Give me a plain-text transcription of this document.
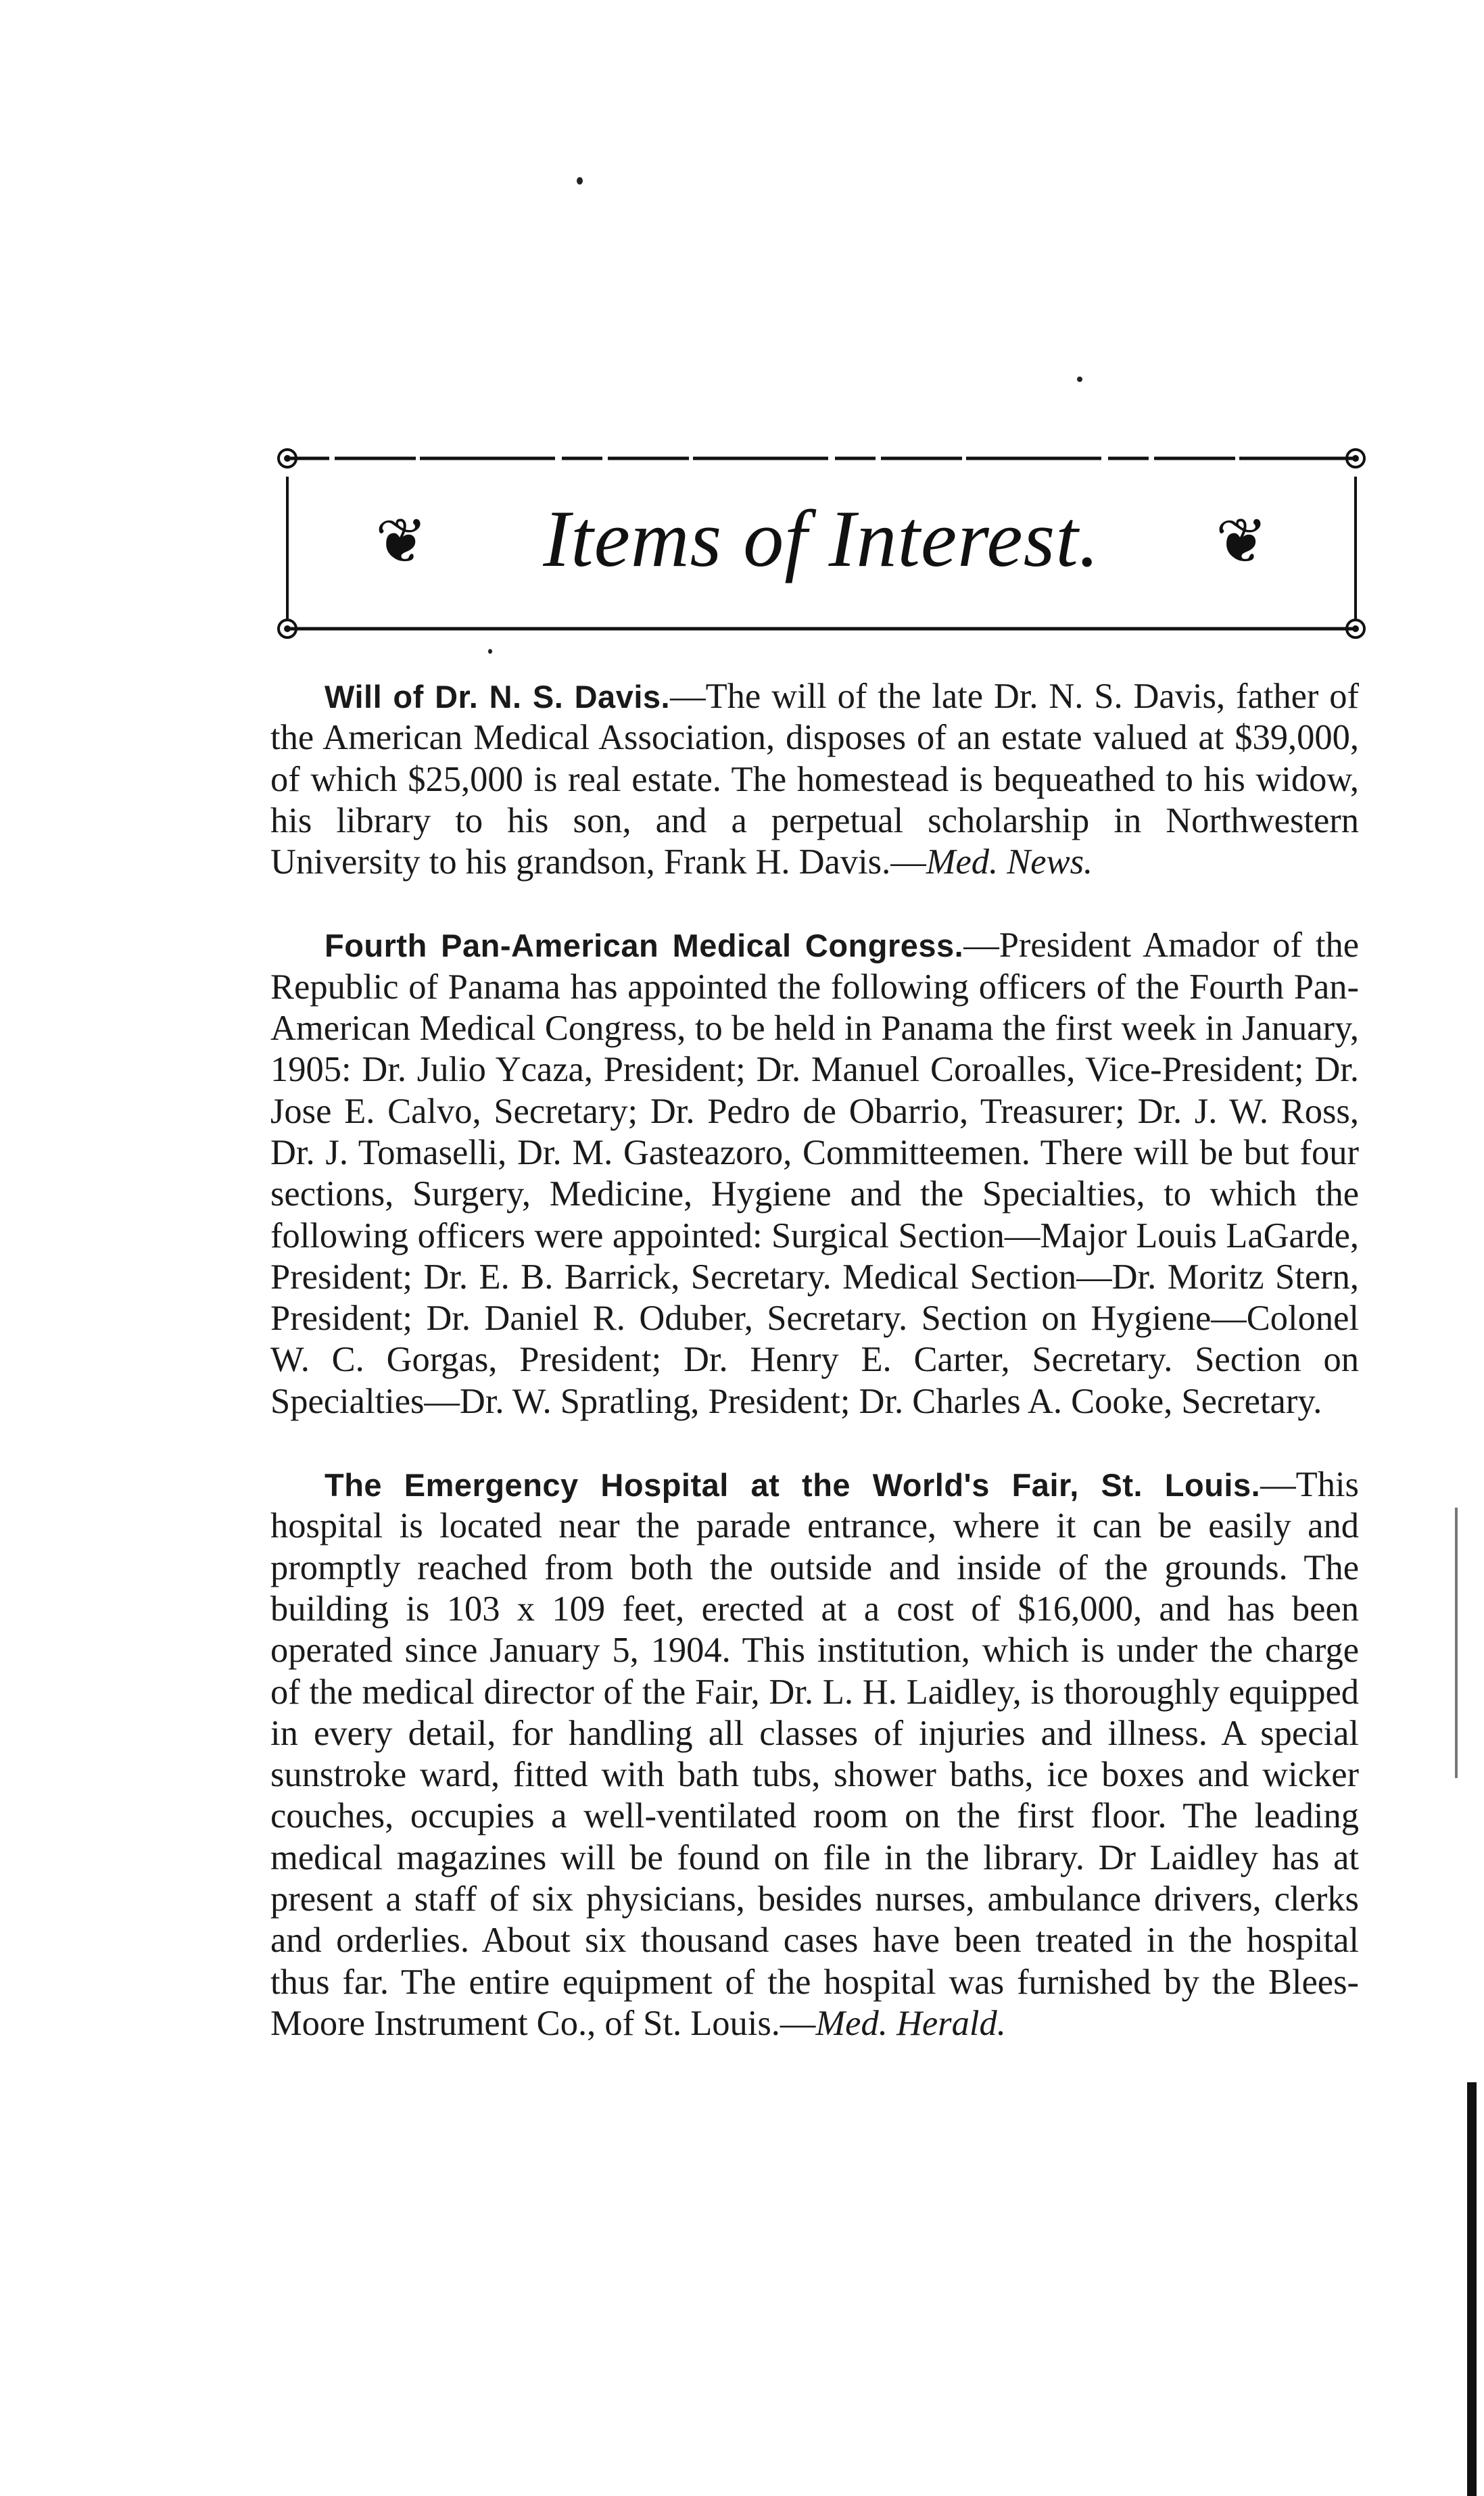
❦	Items of Interest.	❦

Will of Dr. N. S. Davis.—The will of the late Dr. N. S. Davis, father of the American Medical Association, disposes of an estate valued at $39,000, of which $25,000 is real estate. The homestead is bequeathed to his widow, his library to his son, and a perpetual scholarship in Northwestern University to his grandson, Frank H. Davis.—Med. News.

Fourth Pan-American Medical Congress.—President Amador of the Republic of Panama has appointed the following officers of the Fourth Pan-American Medical Congress, to be held in Panama the first week in January, 1905: Dr. Julio Ycaza, President; Dr. Manuel Coroalles, Vice-President; Dr. Jose E. Calvo, Secretary; Dr. Pedro de Obarrio, Treasurer; Dr. J. W. Ross, Dr. J. Tomaselli, Dr. M. Gasteazoro, Committeemen. There will be but four sections, Surgery, Medicine, Hygiene and the Specialties, to which the following officers were appointed: Surgical Section—Major Louis LaGarde, President; Dr. E. B. Barrick, Secretary. Medical Section—Dr. Moritz Stern, President; Dr. Daniel R. Oduber, Secretary. Section on Hygiene—Colonel W. C. Gorgas, President; Dr. Henry E. Carter, Secretary. Section on Specialties—Dr. W. Spratling, President; Dr. Charles A. Cooke, Secretary.

The Emergency Hospital at the World's Fair, St. Louis.—This hospital is located near the parade entrance, where it can be easily and promptly reached from both the outside and inside of the grounds. The building is 103 x 109 feet, erected at a cost of $16,000, and has been operated since January 5, 1904. This institution, which is under the charge of the medical director of the Fair, Dr. L. H. Laidley, is thoroughly equipped in every detail, for handling all classes of injuries and illness. A special sunstroke ward, fitted with bath tubs, shower baths, ice boxes and wicker couches, occupies a well-ventilated room on the first floor. The leading medical magazines will be found on file in the library. Dr Laidley has at present a staff of six physicians, besides nurses, ambulance drivers, clerks and orderlies. About six thousand cases have been treated in the hospital thus far. The entire equipment of the hospital was furnished by the Blees-Moore Instrument Co., of St. Louis.—Med. Herald.
